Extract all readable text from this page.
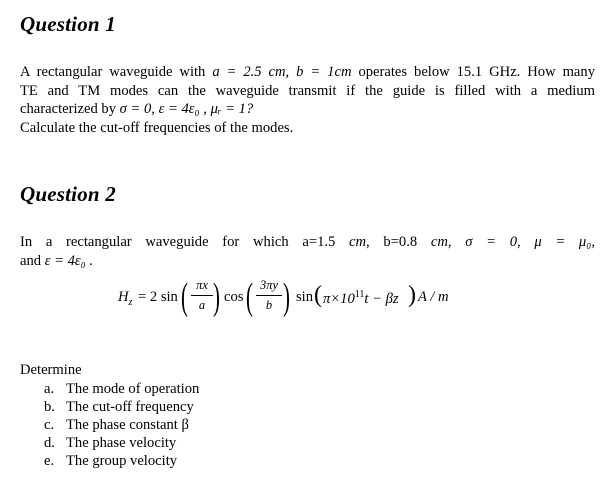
Question 1
A rectangular waveguide with a = 2.5 cm, b = 1cm operates below 15.1 GHz. How many
TE and TM modes can the waveguide transmit if the guide is filled with a medium
characterized by σ = 0, ε = 4ε₀ , μᵣ = 1?
Calculate the cut-off frequencies of the modes.
Question 2
In a rectangular waveguide for which a=1.5 cm, b=0.8 cm, σ = 0, μ = μ₀,
and ε = 4ε₀ .
$H_z = 2$ sin ( πx
a ) cos ( 3πy
b ) sin ( $\pi\times 10^{11}t - \beta z$ ) A / m
Determine
a. The mode of operation
b. The cut-off frequency
c. The phase constant β
d. The phase velocity
e. The group velocity
